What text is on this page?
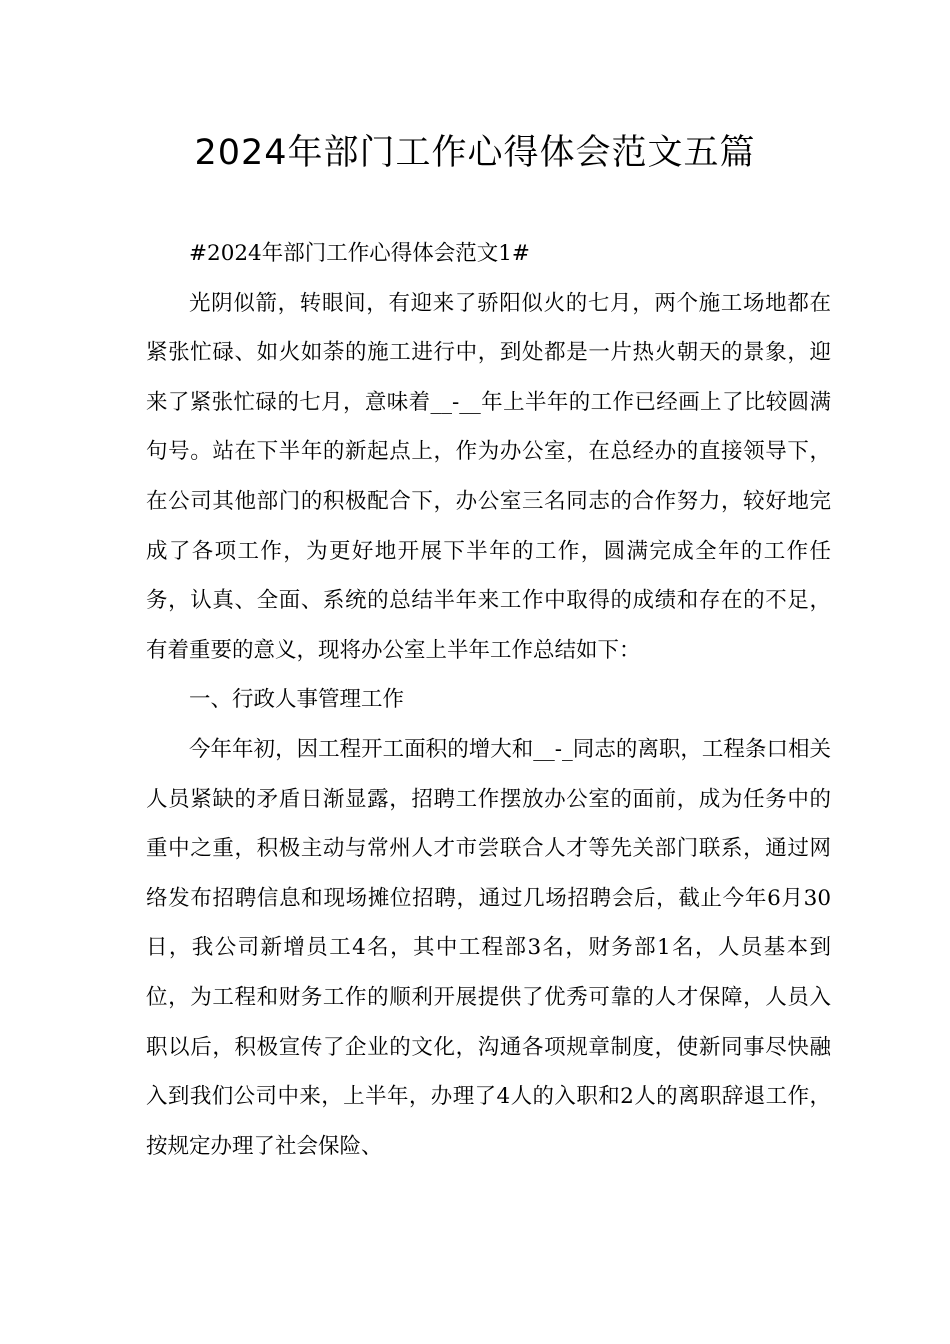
2024年部门工作心得体会范文五篇

#2024年部门工作心得体会范文1#

光阴似箭，转眼间，有迎来了骄阳似火的七月，两个施工场地都在紧张忙碌、如火如荼的施工进行中，到处都是一片热火朝天的景象，迎来了紧张忙碌的七月，意味着__-__年上半年的工作已经画上了比较圆满句号。站在下半年的新起点上，作为办公室，在总经办的直接领导下，在公司其他部门的积极配合下，办公室三名同志的合作努力，较好地完成了各项工作，为更好地开展下半年的工作，圆满完成全年的工作任务，认真、全面、系统的总结半年来工作中取得的成绩和存在的不足，有着重要的意义，现将办公室上半年工作总结如下：

一、行政人事管理工作

今年年初，因工程开工面积的增大和__-_同志的离职，工程条口相关人员紧缺的矛盾日渐显露，招聘工作摆放办公室的面前，成为任务中的重中之重，积极主动与常州人才市尝联合人才等先关部门联系，通过网络发布招聘信息和现场摊位招聘，通过几场招聘会后，截止今年6月30日，我公司新增员工4名，其中工程部3名，财务部1名，人员基本到位，为工程和财务工作的顺利开展提供了优秀可靠的人才保障，人员入职以后，积极宣传了企业的文化，沟通各项规章制度，使新同事尽快融入到我们公司中来，上半年，办理了4人的入职和2人的离职辞退工作，按规定办理了社会保险、
